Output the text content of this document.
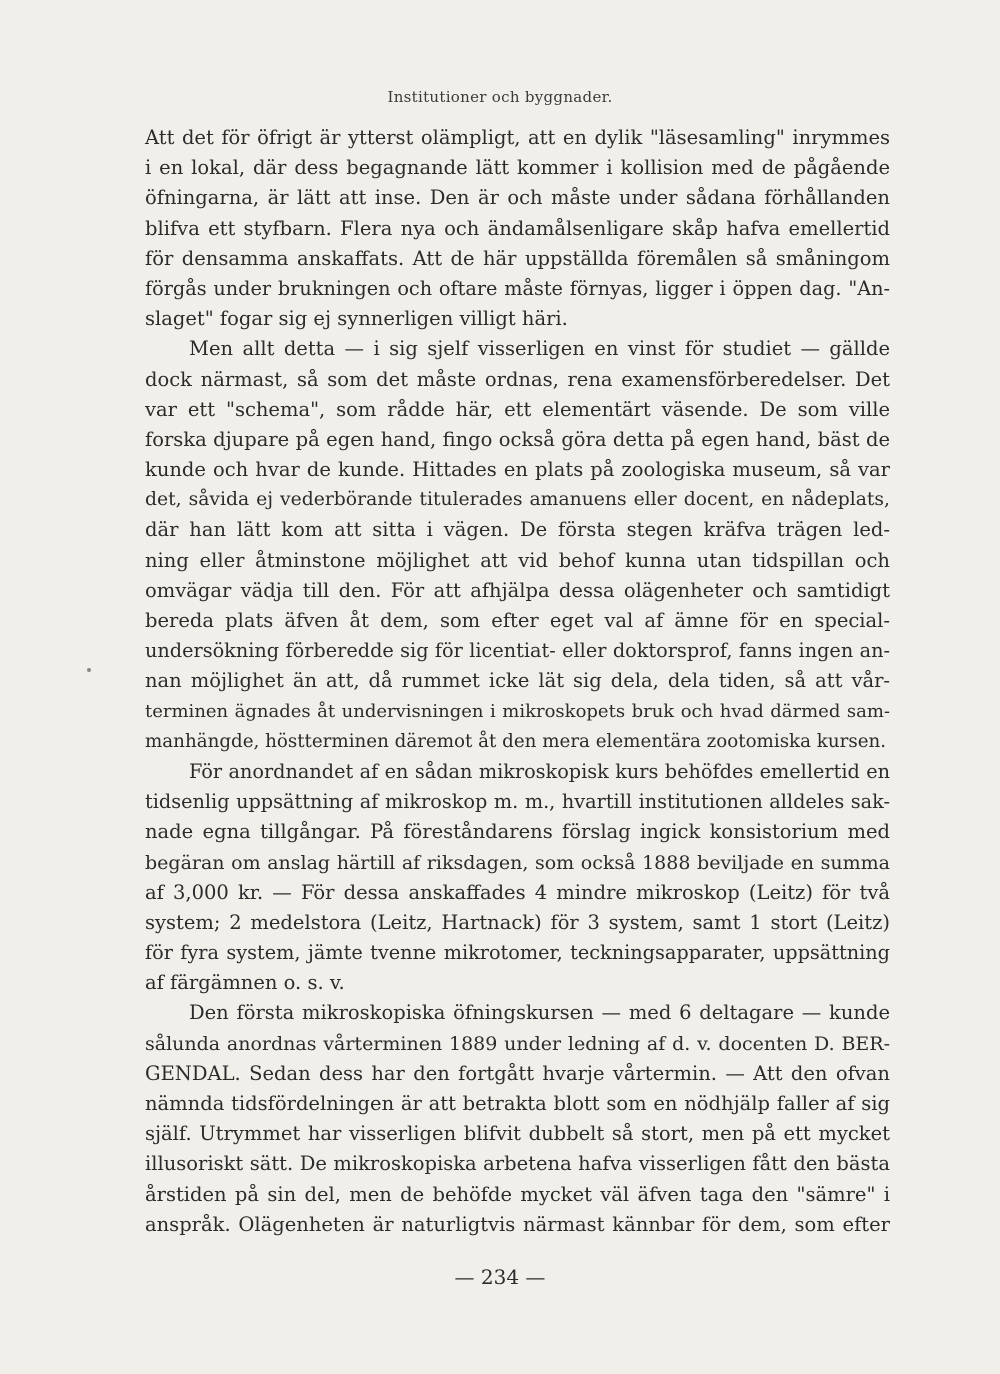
Institutioner och byggnader.
Att det för öfrigt är ytterst olämpligt, att en dylik "läsesamling" inrymmes
i en lokal, där dess begagnande lätt kommer i kollision med de pågående
öfningarna, är lätt att inse. Den är och måste under sådana förhållanden
blifva ett styfbarn. Flera nya och ändamålsenligare skåp hafva emellertid
för densamma anskaffats. Att de här uppställda föremålen så småningom
förgås under brukningen och oftare måste förnyas, ligger i öppen dag. "An-
slaget" fogar sig ej synnerligen villigt häri.
Men allt detta — i sig sjelf visserligen en vinst för studiet — gällde
dock närmast, så som det måste ordnas, rena examensförberedelser. Det
var ett "schema", som rådde här, ett elementärt väsende. De som ville
forska djupare på egen hand, fingo också göra detta på egen hand, bäst de
kunde och hvar de kunde. Hittades en plats på zoologiska museum, så var
det, såvida ej vederbörande titulerades amanuens eller docent, en nådeplats,
där han lätt kom att sitta i vägen. De första stegen kräfva trägen led-
ning eller åtminstone möjlighet att vid behof kunna utan tidspillan och
omvägar vädja till den. För att afhjälpa dessa olägenheter och samtidigt
bereda plats äfven åt dem, som efter eget val af ämne för en special-
undersökning förberedde sig för licentiat- eller doktorsprof, fanns ingen an-
nan möjlighet än att, då rummet icke lät sig dela, dela tiden, så att vår-
terminen ägnades åt undervisningen i mikroskopets bruk och hvad därmed sam-
manhängde, höstterminen däremot åt den mera elementära zootomiska kursen.
För anordnandet af en sådan mikroskopisk kurs behöfdes emellertid en
tidsenlig uppsättning af mikroskop m. m., hvartill institutionen alldeles sak-
nade egna tillgångar. På föreståndarens förslag ingick konsistorium med
begäran om anslag härtill af riksdagen, som också 1888 beviljade en summa
af 3,000 kr. — För dessa anskaffades 4 mindre mikroskop (Leitz) för två
system; 2 medelstora (Leitz, Hartnack) för 3 system, samt 1 stort (Leitz)
för fyra system, jämte tvenne mikrotomer, teckningsapparater, uppsättning
af färgämnen o. s. v.
Den första mikroskopiska öfningskursen — med 6 deltagare — kunde
sålunda anordnas vårterminen 1889 under ledning af d. v. docenten D. BER-
GENDAL. Sedan dess har den fortgått hvarje vårtermin. — Att den ofvan
nämnda tidsfördelningen är att betrakta blott som en nödhjälp faller af sig
själf. Utrymmet har visserligen blifvit dubbelt så stort, men på ett mycket
illusoriskt sätt. De mikroskopiska arbetena hafva visserligen fått den bästa
årstiden på sin del, men de behöfde mycket väl äfven taga den "sämre" i
anspråk. Olägenheten är naturligtvis närmast kännbar för dem, som efter
— 234 —
